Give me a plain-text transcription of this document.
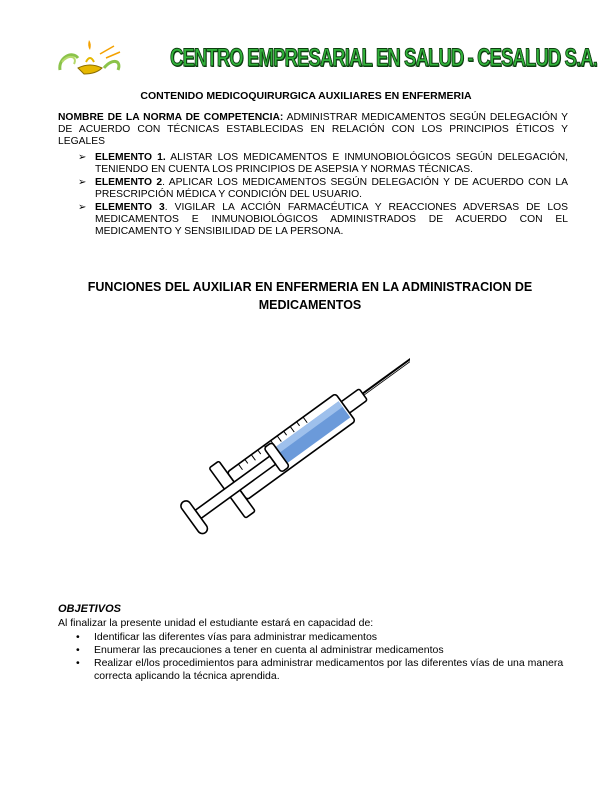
CENTRO EMPRESARIAL EN SALUD - CESALUD S.A.
CONTENIDO MEDICOQUIRURGICA AUXILIARES EN ENFERMERIA
NOMBRE DE LA NORMA DE COMPETENCIA: ADMINISTRAR MEDICAMENTOS SEGÚN DELEGACIÓN Y DE ACUERDO CON TÉCNICAS ESTABLECIDAS EN RELACIÓN CON LOS PRINCIPIOS ÉTICOS Y LEGALES
➢ ELEMENTO 1. ALISTAR LOS MEDICAMENTOS E INMUNOBIOLÓGICOS SEGÚN DELEGACIÓN, TENIENDO EN CUENTA LOS PRINCIPIOS DE ASEPSIA Y NORMAS TÉCNICAS.
➢ ELEMENTO 2. APLICAR LOS MEDICAMENTOS SEGÚN DELEGACIÓN Y DE ACUERDO CON LA PRESCRIPCIÓN MÉDICA Y CONDICIÓN DEL USUARIO.
➢ ELEMENTO 3. VIGILAR LA ACCIÓN FARMACÉUTICA Y REACCIONES ADVERSAS DE LOS MEDICAMENTOS E INMUNOBIOLÓGICOS ADMINISTRADOS DE ACUERDO CON EL MEDICAMENTO Y SENSIBILIDAD DE LA PERSONA.
FUNCIONES DEL AUXILIAR EN ENFERMERIA EN LA ADMINISTRACION DE MEDICAMENTOS
OBJETIVOS
Al finalizar la presente unidad el estudiante estará en capacidad de:
• Identificar las diferentes vías para administrar medicamentos
• Enumerar las precauciones a tener en cuenta al administrar medicamentos
• Realizar el/los procedimientos para administrar medicamentos por las diferentes vías de una manera correcta aplicando la técnica aprendida.
